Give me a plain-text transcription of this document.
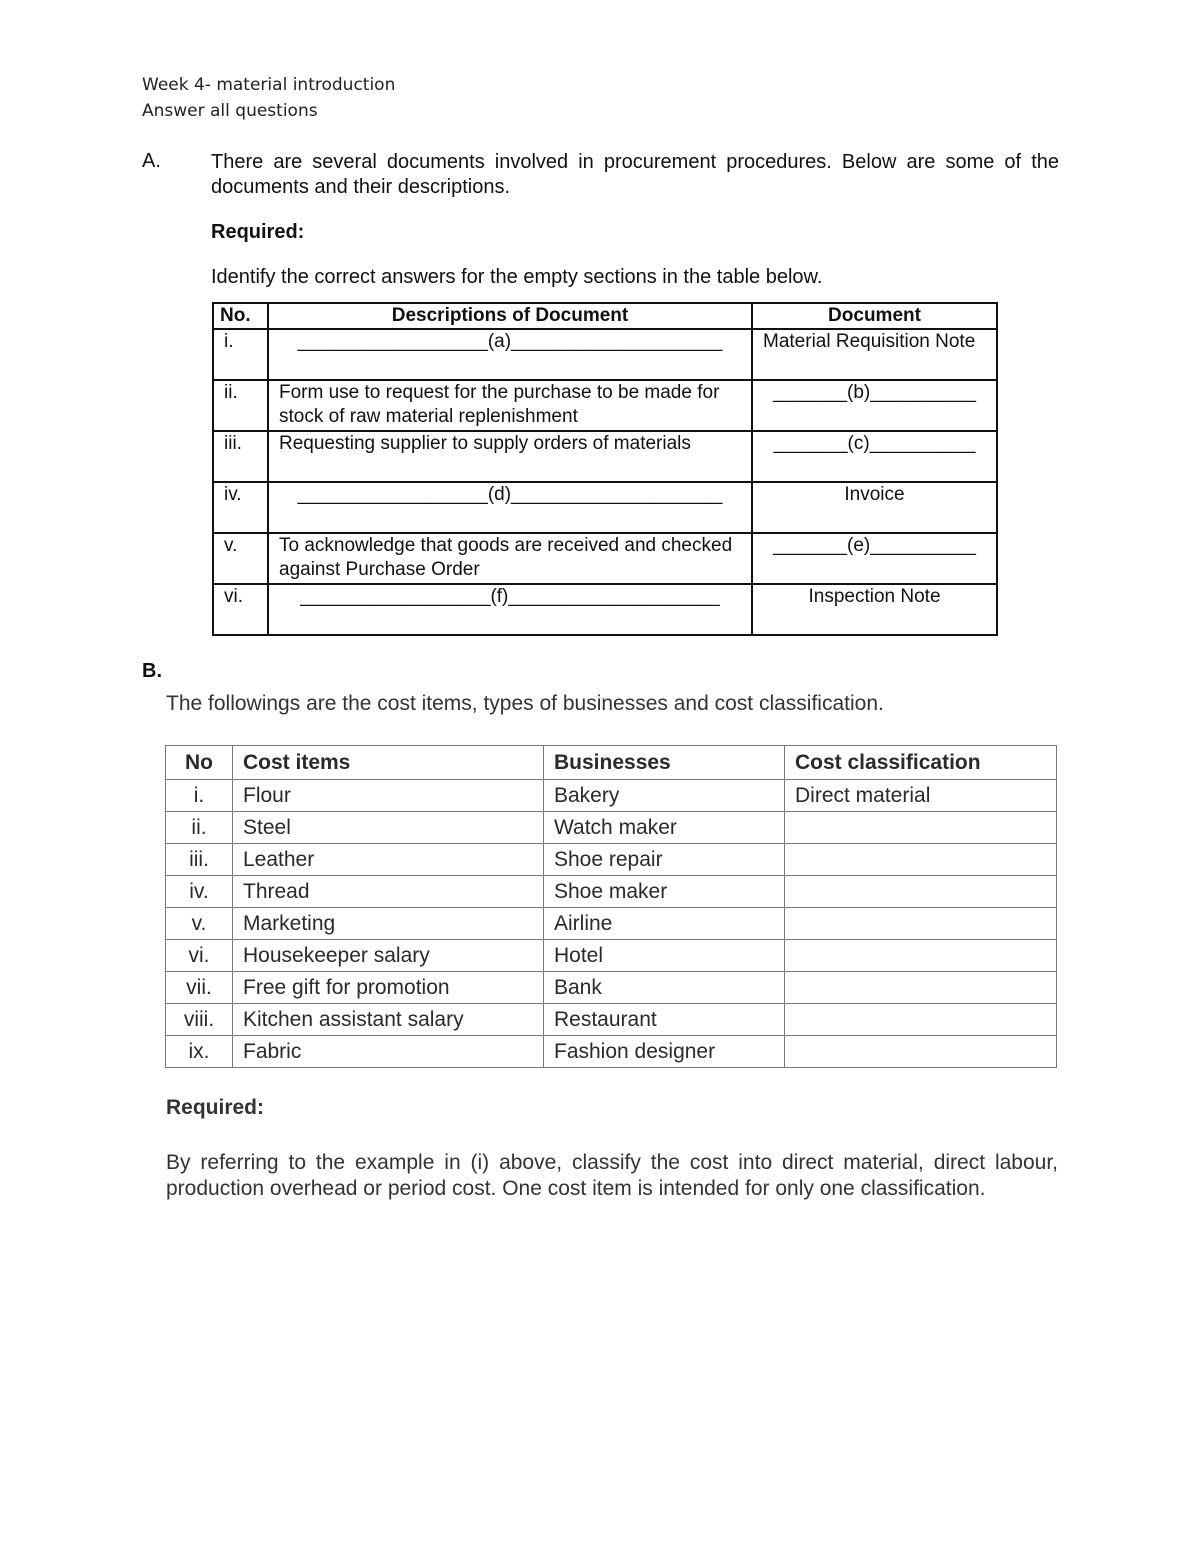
Week 4- material introduction
Answer all questions
A.	There are several documents involved in procurement procedures. Below are some of the documents and their descriptions.
Required:
Identify the correct answers for the empty sections in the table below.
No.	Descriptions of Document	Document
i.	__________________(a)____________________	Material Requisition Note
ii.	Form use to request for the purchase to be made for stock of raw material replenishment	_______(b)__________
iii.	Requesting supplier to supply orders of materials	_______(c)__________
iv.	__________________(d)____________________	Invoice
v.	To acknowledge that goods are received and checked against Purchase Order	_______(e)__________
vi.	__________________(f)____________________	Inspection Note
B.
The followings are the cost items, types of businesses and cost classification.
No	Cost items	Businesses	Cost classification
i.	Flour	Bakery	Direct material
ii.	Steel	Watch maker	
iii.	Leather	Shoe repair	
iv.	Thread	Shoe maker	
v.	Marketing	Airline	
vi.	Housekeeper salary	Hotel	
vii.	Free gift for promotion	Bank	
viii.	Kitchen assistant salary	Restaurant	
ix.	Fabric	Fashion designer	
Required:
By referring to the example in (i) above, classify the cost into direct material, direct labour, production overhead or period cost. One cost item is intended for only one classification.
